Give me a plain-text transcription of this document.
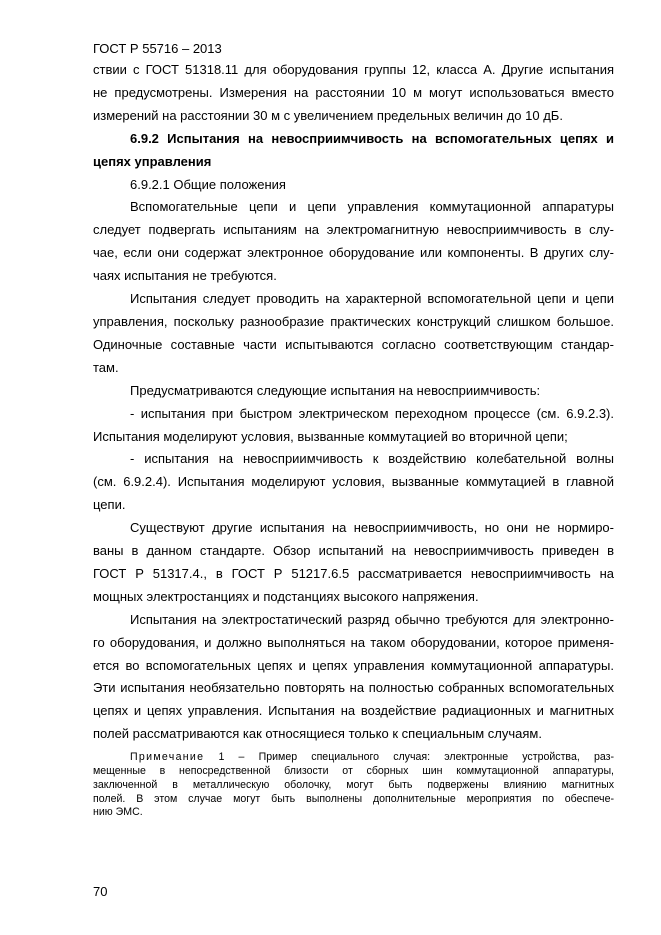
ГОСТ Р 55716 – 2013
ствии с ГОСТ 51318.11 для оборудования группы 12, класса А. Другие испытания
не предусмотрены. Измерения на расстоянии 10 м могут использоваться вместо
измерений на расстоянии 30 м с увеличением предельных величин до 10 дБ.
6.9.2 Испытания на невосприимчивость на вспомогательных цепях и
цепях управления
6.9.2.1 Общие положения
Вспомогательные цепи и цепи управления коммутационной аппаратуры
следует подвергать испытаниям на электромагнитную невосприимчивость в слу-
чае, если они содержат электронное оборудование или компоненты. В других слу-
чаях испытания не требуются.
Испытания следует проводить на характерной вспомогательной цепи и цепи
управления, поскольку разнообразие практических конструкций слишком большое.
Одиночные составные части испытываются согласно соответствующим стандар-
там.
Предусматриваются следующие испытания на невосприимчивость:
- испытания при быстром электрическом переходном процессе (см. 6.9.2.3).
Испытания моделируют условия, вызванные коммутацией во вторичной цепи;
- испытания на невосприимчивость к воздействию колебательной волны
(см. 6.9.2.4). Испытания моделируют условия, вызванные коммутацией в главной
цепи.
Существуют другие испытания на невосприимчивость, но они не нормиро-
ваны в данном стандарте. Обзор испытаний на невосприимчивость приведен в
ГОСТ Р 51317.4., в ГОСТ Р 51217.6.5 рассматривается невосприимчивость на
мощных электростанциях и подстанциях высокого напряжения.
Испытания на электростатический разряд обычно требуются для электронно-
го оборудования, и должно выполняться на таком оборудовании, которое применя-
ется во вспомогательных цепях и цепях управления коммутационной аппаратуры.
Эти испытания необязательно повторять на полностью собранных вспомогательных
цепях и цепях управления. Испытания на воздействие радиационных и магнитных
полей рассматриваются как относящиеся только к специальным случаям.
Примечание 1 – Пример специального случая: электронные устройства, раз-
мещенные в непосредственной близости от сборных шин коммутационной аппаратуры,
заключенной в металлическую оболочку, могут быть подвержены влиянию магнитных
полей. В этом случае могут быть выполнены дополнительные мероприятия по обеспече-
нию ЭМС.
70
